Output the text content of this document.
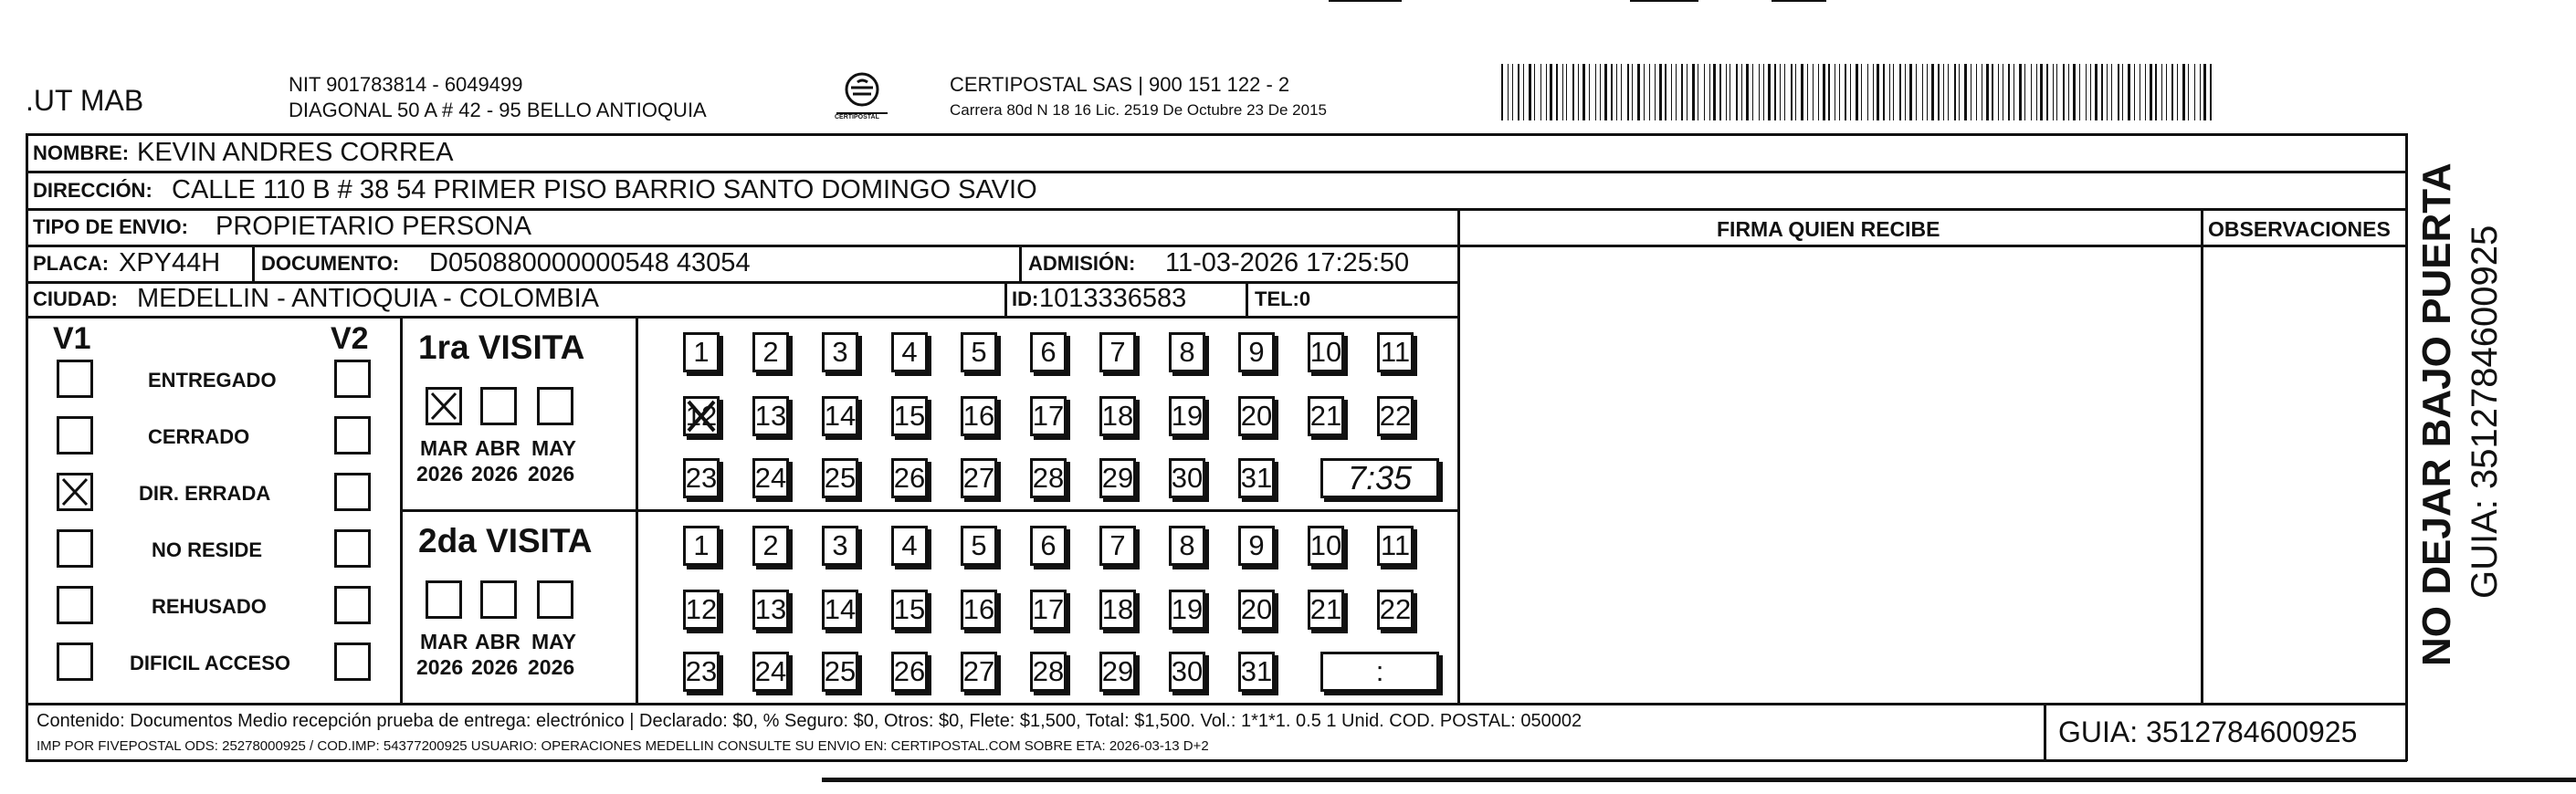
.UT MAB	NIT 901783814 - 6049499
DIAGONAL 50 A # 42 - 95 BELLO ANTIOQUIA	CERTIPOSTAL
CERTIPOSTAL SAS | 900 151 122 - 2
Carrera 80d N 18 16 Lic. 2519 De Octubre 23 De 2015
NOMBRE: KEVIN ANDRES CORREA
DIRECCIÓN: CALLE 110 B # 38 54 PRIMER PISO BARRIO SANTO DOMINGO SAVIO
TIPO DE ENVIO: PROPIETARIO PERSONA	FIRMA QUIEN RECIBE	OBSERVACIONES
PLACA: XPY44H DOCUMENTO: D050880000000548 43054	ADMISIÓN: 11-03-2026 17:25:50
CIUDAD: MEDELLIN - ANTIOQUIA - COLOMBIA	ID: 1013336583	TEL:0
V1	V2
ENTREGADO
CERRADO
DIR. ERRADA
NO RESIDE
REHUSADO
DIFICIL ACCESO
1ra VISITA
MAR
2026
ABR
2026
MAY
2026
1	2	3	4	5	6	7	8	9	10 11
12 13 14 15 16 17 18 19 20 21 22
23 24 25 26 27 28 29 30 31	7:35
2da VISITA
MAR
2026
ABR
2026
MAY
2026
1	2	3	4	5	6	7	8	9	10 11
12 13 14 15 16 17 18 19 20 21 22
23 24 25 26 27 28 29 30 31	:
Contenido: Documentos Medio recepción prueba de entrega: electrónico | Declarado: $0, % Seguro: $0, Otros: $0, Flete: $1,500, Total: $1,500. Vol.: 1*1*1. 0.5 1 Unid. COD. POSTAL: 050002
IMP POR FIVEPOSTAL ODS: 25278000925 / COD.IMP: 54377200925 USUARIO: OPERACIONES MEDELLIN CONSULTE SU ENVIO EN: CERTIPOSTAL.COM SOBRE ETA: 2026-03-13 D+2	GUIA: 3512784600925
NO DEJAR BAJO PUERTA GUIA: 3512784600925
